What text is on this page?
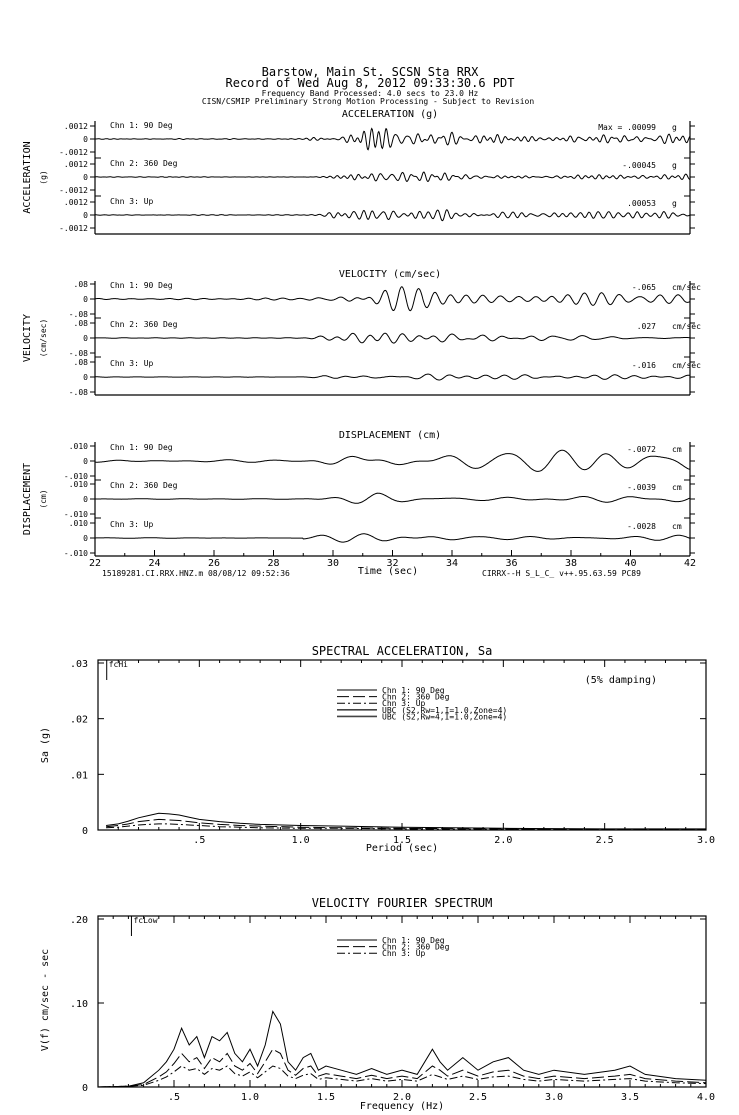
Barstow, Main St. SCSN Sta RRX
Record of Wed Aug 8, 2012 09:33:30.6 PDT
Frequency Band Processed: 4.0 secs to 23.0 Hz
CISN/CSMIP Preliminary Strong Motion Processing - Subject to Revision
15189281.CI.RRX.HNZ.m 08/08/12 09:52:36	Time (sec)	CIRRX--H S_L_C_ v++.95.63.59 PC89
ACCELERATION (g)
ACCELERATION (g)
.0012
0
-.0012
Chn 1: 90 Deg	Max = .00099 g
.0012
0
-.0012
Chn 2: 360 Deg	-.00045 g
.0012
0
-.0012
Chn 3: Up	.00053 g
VELOCITY (cm/sec)
VELOCITY (cm/sec)
.08
0
-.08
Chn 1: 90 Deg	-.065 cm/sec
.08
0
-.08
Chn 2: 360 Deg	.027 cm/sec
.08
0
-.08
Chn 3: Up	-.016 cm/sec
DISPLACEMENT (cm)
DISPLACEMENT (cm)
.010
0
-.010
Chn 1: 90 Deg	-.0072 cm
.010
0
-.010
Chn 2: 360 Deg	-.0039 cm
.010
0
-.010
Chn 3: Up	-.0028 cm
22	24	26	28	30	32	34	36	38	40	42
SPECTRAL ACCELERATION, Sa
Period (sec)
Sa (g)
.5	1.0	1.5	2.0	2.5	3.0
.03
.02
.01
0
fcHi
(5% damping)
Chn 1: 90 Deg
Chn 2: 360 Deg
Chn 3: Up
UBC (S2,Rw=1,I=1.0,Zone=4)
UBC (S2,Rw=4,I=1.0,Zone=4)
VELOCITY FOURIER SPECTRUM
Frequency (Hz)
V(f) cm/sec - sec
.5	1.0	1.5	2.0	2.5	3.0	3.5	4.0
.20
.10
0
fcLow
Chn 1: 90 Deg
Chn 2: 360 Deg
Chn 3: Up
